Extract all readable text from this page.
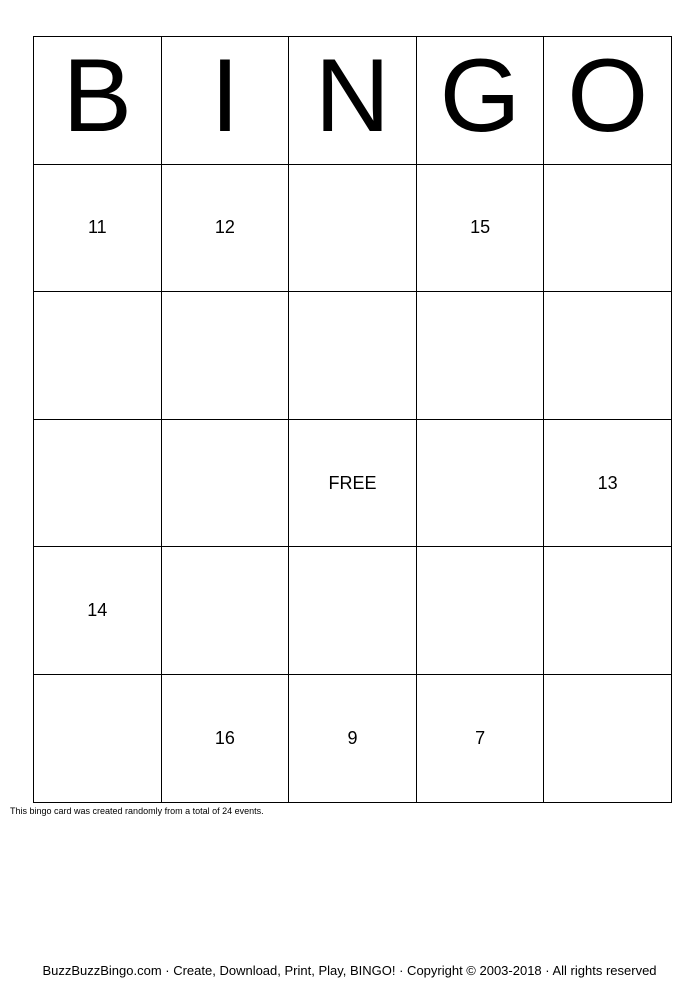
B	I	N	G	O
11	12		15	

		FREE		13
14				
	16	9	7	
This bingo card was created randomly from a total of 24 events.
BuzzBuzzBingo.com · Create, Download, Print, Play, BINGO! · Copyright © 2003-2018 · All rights reserved
